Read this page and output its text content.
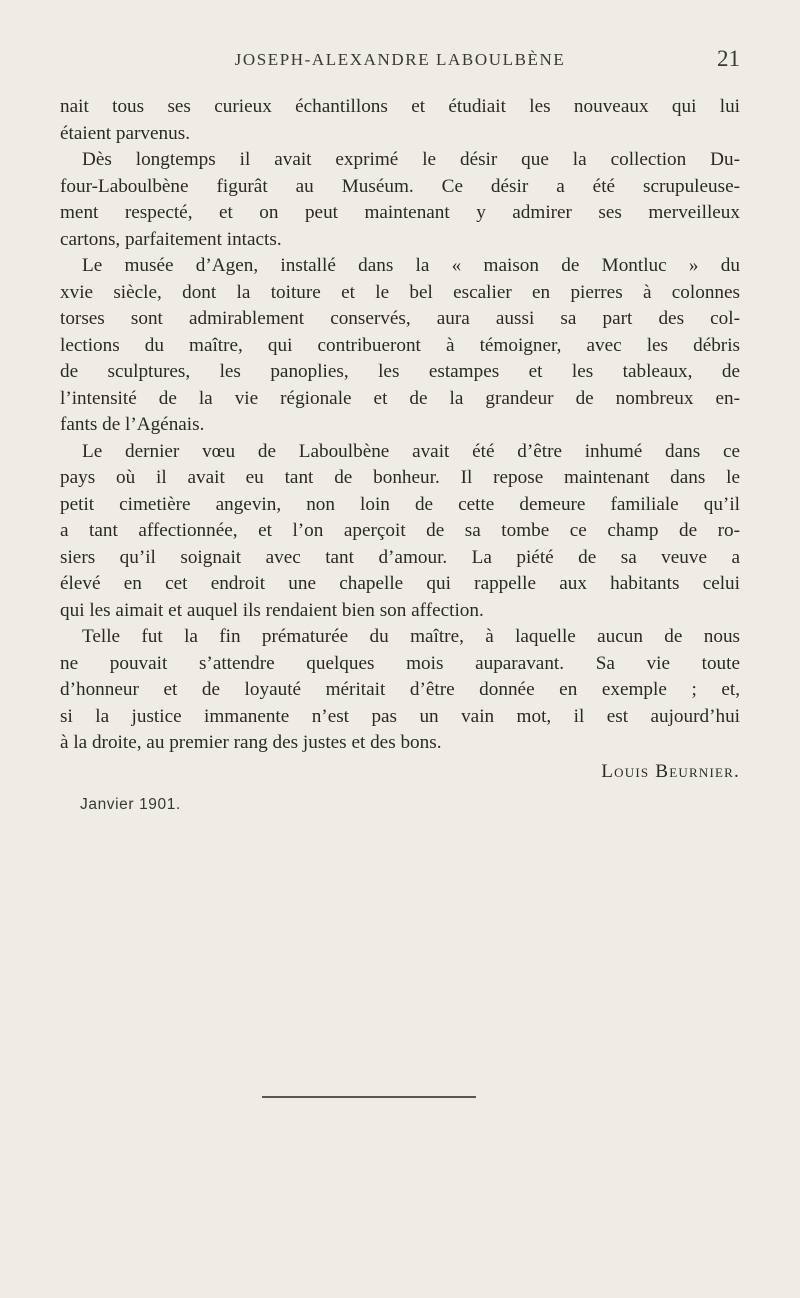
JOSEPH-ALEXANDRE LABOULBÈNE	21
nait tous ses curieux échantillons et étudiait les nouveaux qui lui
étaient parvenus.
Dès longtemps il avait exprimé le désir que la collection Du-
four-Laboulbène figurât au Muséum. Ce désir a été scrupuleuse-
ment respecté, et on peut maintenant y admirer ses merveilleux
cartons, parfaitement intacts.
Le musée d’Agen, installé dans la « maison de Montluc » du
xvie siècle, dont la toiture et le bel escalier en pierres à colonnes
torses sont admirablement conservés, aura aussi sa part des col-
lections du maître, qui contribueront à témoigner, avec les débris
de sculptures, les panoplies, les estampes et les tableaux, de
l’intensité de la vie régionale et de la grandeur de nombreux en-
fants de l’Agénais.
Le dernier vœu de Laboulbène avait été d’être inhumé dans ce
pays où il avait eu tant de bonheur. Il repose maintenant dans le
petit cimetière angevin, non loin de cette demeure familiale qu’il
a tant affectionnée, et l’on aperçoit de sa tombe ce champ de ro-
siers qu’il soignait avec tant d’amour. La piété de sa veuve a
élevé en cet endroit une chapelle qui rappelle aux habitants celui
qui les aimait et auquel ils rendaient bien son affection.
Telle fut la fin prématurée du maître, à laquelle aucun de nous
ne pouvait s’attendre quelques mois auparavant. Sa vie toute
d’honneur et de loyauté méritait d’être donnée en exemple ; et,
si la justice immanente n’est pas un vain mot, il est aujourd’hui
à la droite, au premier rang des justes et des bons.
Louis Beurnier.
Janvier 1901.
